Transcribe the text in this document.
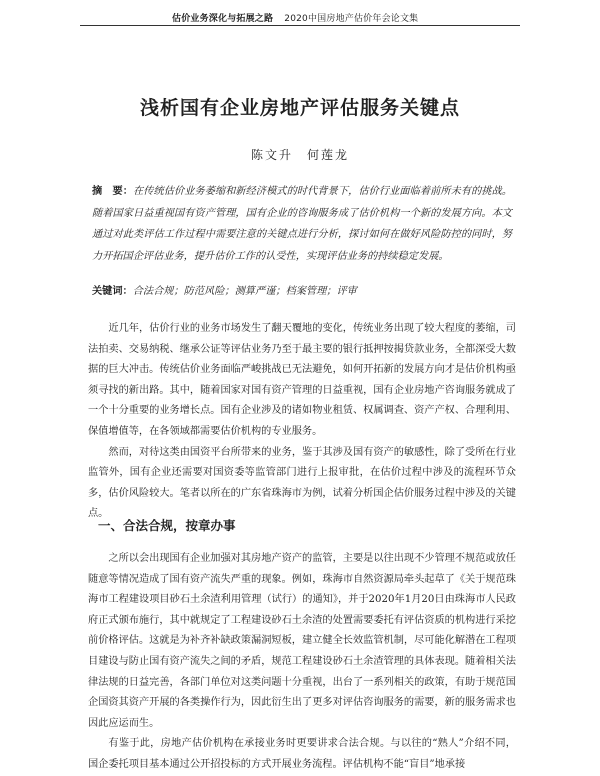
估价业务深化与拓展之路 2020中国房地产估价年会论文集
浅析国有企业房地产评估服务关键点
陈文升　何莲龙
摘　要：在传统估价业务萎缩和新经济模式的时代背景下，估价行业面临着前所未有的挑战。随着国家日益重视国有资产管理，国有企业的咨询服务成了估价机构一个新的发展方向。本文通过对此类评估工作过程中需要注意的关键点进行分析，探讨如何在做好风险防控的同时，努力开拓国企评估业务，提升估价工作的认受性，实现评估业务的持续稳定发展。
关键词：合法合规；防范风险；测算严谨；档案管理；评审

近几年，估价行业的业务市场发生了翻天覆地的变化，传统业务出现了较大程度的萎缩，司法拍卖、交易纳税、继承公证等评估业务乃至于最主要的银行抵押按揭贷款业务，全都深受大数据的巨大冲击。传统估价业务面临严峻挑战已无法避免，如何开拓新的发展方向才是估价机构亟须寻找的新出路。其中，随着国家对国有资产管理的日益重视，国有企业房地产咨询服务就成了一个十分重要的业务增长点。国有企业涉及的诸如物业租赁、权属调查、资产产权、合理利用、保值增值等，在各领域都需要估价机构的专业服务。

然而，对待这类由国资平台所带来的业务，鉴于其涉及国有资产的敏感性，除了受所在行业监管外，国有企业还需要对国资委等监管部门进行上报审批，在估价过程中涉及的流程环节众多，估价风险较大。笔者以所在的广东省珠海市为例，试着分析国企估价服务过程中涉及的关键点。

一、合法合规，按章办事

之所以会出现国有企业加强对其房地产资产的监管，主要是以往出现不少管理不规范或放任随意等情况造成了国有资产流失严重的现象。例如，珠海市自然资源局牵头起草了《关于规范珠海市工程建设项目砂石土余渣利用管理（试行）的通知》，并于2020年1月20日由珠海市人民政府正式颁布施行，其中就规定了工程建设砂石土余渣的处置需要委托有评估资质的机构进行采挖前价格评估。这就是为补齐补缺政策漏洞短板，建立健全长效监管机制，尽可能化解潜在工程项目建设与防止国有资产流失之间的矛盾，规范工程建设砂石土余渣管理的具体表现。随着相关法律法规的日益完善，各部门单位对这类问题十分重视，出台了一系列相关的政策，有助于规范国企国资其资产开展的各类操作行为，因此衍生出了更多对评估咨询服务的需要，新的服务需求也因此应运而生。

有鉴于此，房地产估价机构在承接业务时更要讲求合法合规。与以往的“熟人”介绍不同，国企委托项目基本通过公开招投标的方式开展业务流程。评估机构不能“盲目”地承接
